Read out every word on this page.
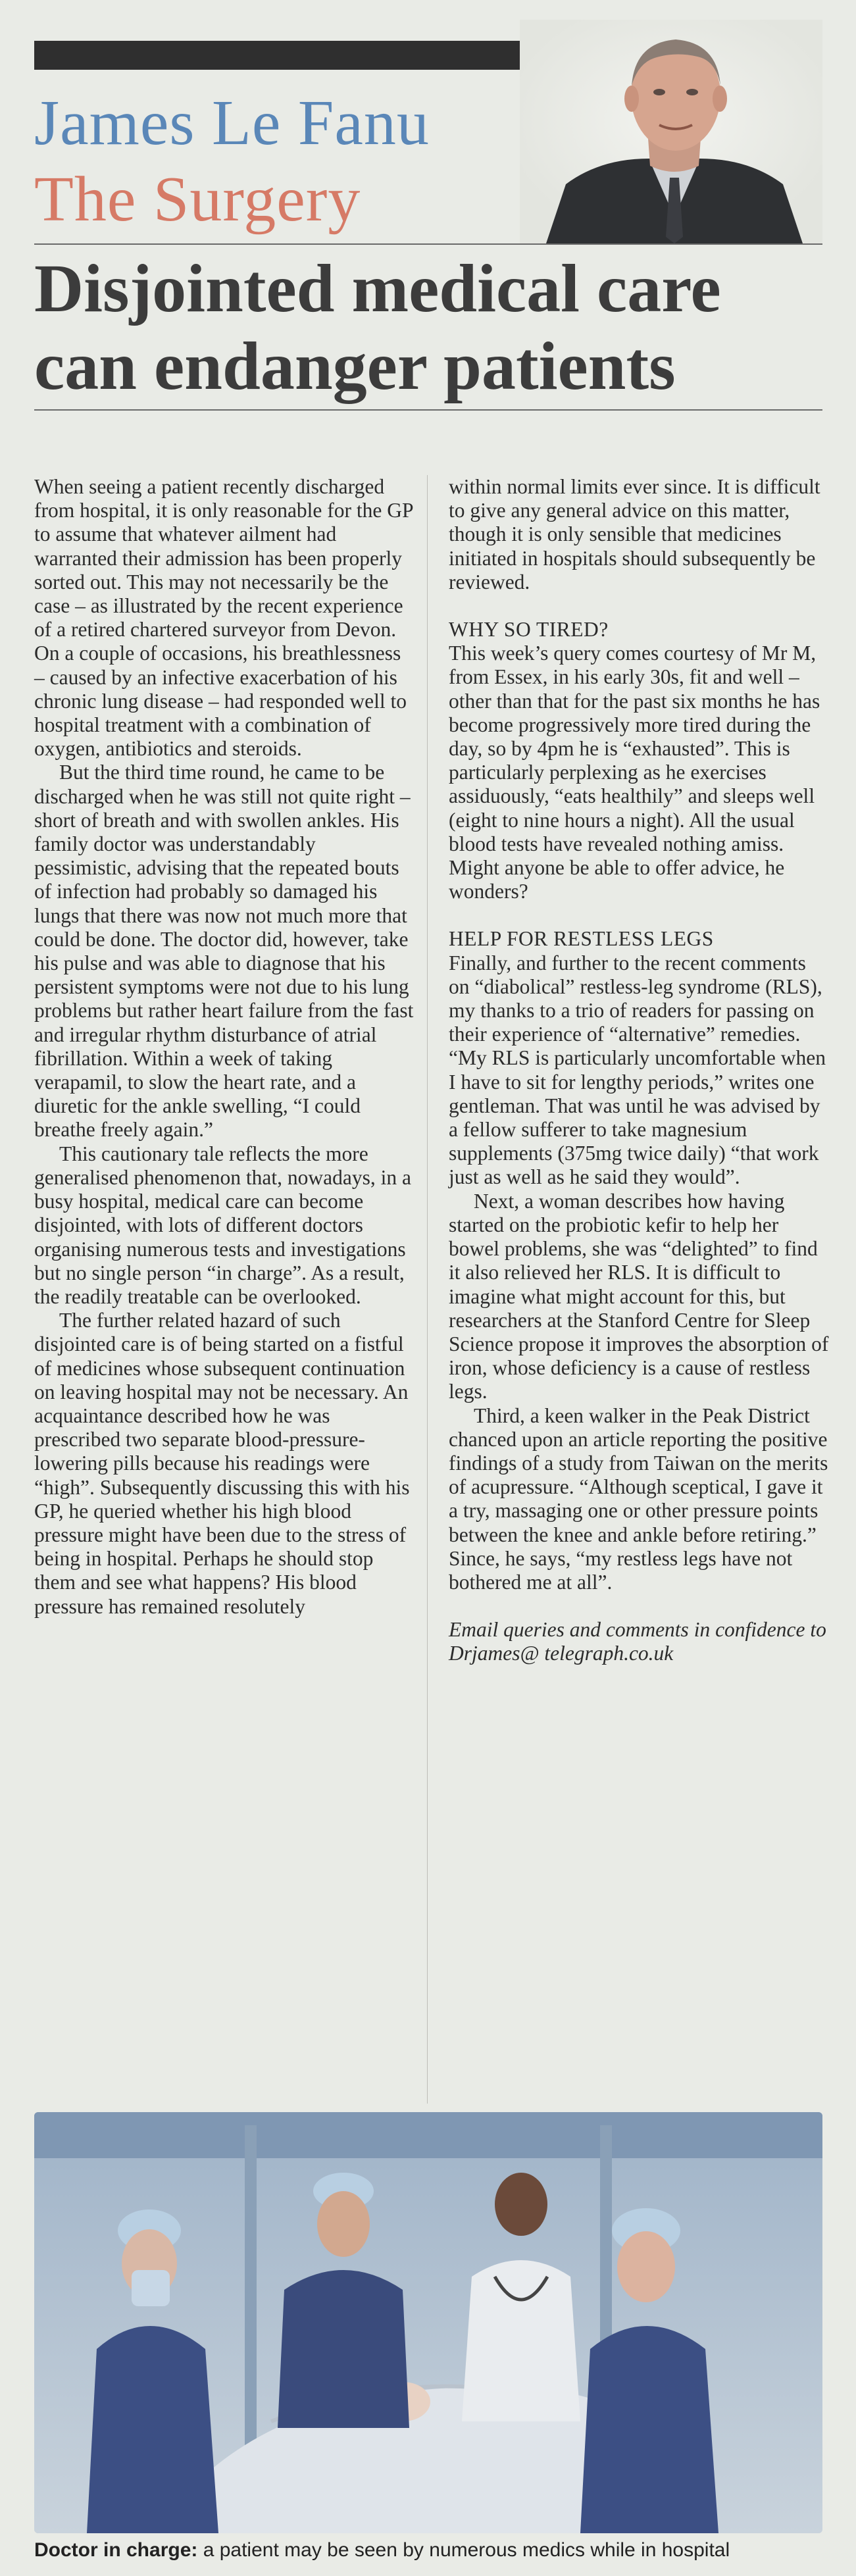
James Le Fanu
The Surgery
Disjointed medical care
can endanger patients

When seeing a patient recently discharged from hospital, it is only reasonable for the GP to assume that whatever ailment had warranted their admission has been properly sorted out. This may not necessarily be the case – as illustrated by the recent experience of a retired chartered surveyor from Devon. On a couple of occasions, his breathlessness – caused by an infective exacerbation of his chronic lung disease – had responded well to hospital treatment with a combination of oxygen, antibiotics and steroids.

But the third time round, he came to be discharged when he was still not quite right – short of breath and with swollen ankles. His family doctor was understandably pessimistic, advising that the repeated bouts of infection had probably so damaged his lungs that there was now not much more that could be done. The doctor did, however, take his pulse and was able to diagnose that his persistent symptoms were not due to his lung problems but rather heart failure from the fast and irregular rhythm disturbance of atrial fibrillation. Within a week of taking verapamil, to slow the heart rate, and a diuretic for the ankle swelling, “I could breathe freely again.”

This cautionary tale reflects the more generalised phenomenon that, nowadays, in a busy hospital, medical care can become disjointed, with lots of different doctors organising numerous tests and investigations but no single person “in charge”. As a result, the readily treatable can be overlooked.

The further related hazard of such disjointed care is of being started on a fistful of medicines whose subsequent continuation on leaving hospital may not be necessary. An acquaintance described how he was prescribed two separate blood-pressure-lowering pills because his readings were “high”. Subsequently discussing this with his GP, he queried whether his high blood pressure might have been due to the stress of being in hospital. Perhaps he should stop them and see what happens? His blood pressure has remained resolutely

within normal limits ever since. It is difficult to give any general advice on this matter, though it is only sensible that medicines initiated in hospitals should subsequently be reviewed.

WHY SO TIRED?

This week’s query comes courtesy of Mr M, from Essex, in his early 30s, fit and well – other than that for the past six months he has become progressively more tired during the day, so by 4pm he is “exhausted”. This is particularly perplexing as he exercises assiduously, “eats healthily” and sleeps well (eight to nine hours a night). All the usual blood tests have revealed nothing amiss. Might anyone be able to offer advice, he wonders?

HELP FOR RESTLESS LEGS

Finally, and further to the recent comments on “diabolical” restless-leg syndrome (RLS), my thanks to a trio of readers for passing on their experience of “alternative” remedies. “My RLS is particularly uncomfortable when I have to sit for lengthy periods,” writes one gentleman. That was until he was advised by a fellow sufferer to take magnesium supplements (375mg twice daily) “that work just as well as he said they would”.

Next, a woman describes how having started on the probiotic kefir to help her bowel problems, she was “delighted” to find it also relieved her RLS. It is difficult to imagine what might account for this, but researchers at the Stanford Centre for Sleep Science propose it improves the absorption of iron, whose deficiency is a cause of restless legs.

Third, a keen walker in the Peak District chanced upon an article reporting the positive findings of a study from Taiwan on the merits of acupressure. “Although sceptical, I gave it a try, massaging one or other pressure points between the knee and ankle before retiring.” Since, he says, “my restless legs have not bothered me at all”.

Email queries and comments in confidence to Drjames@ telegraph.co.uk

Doctor in charge: a patient may be seen by numerous medics while in hospital
